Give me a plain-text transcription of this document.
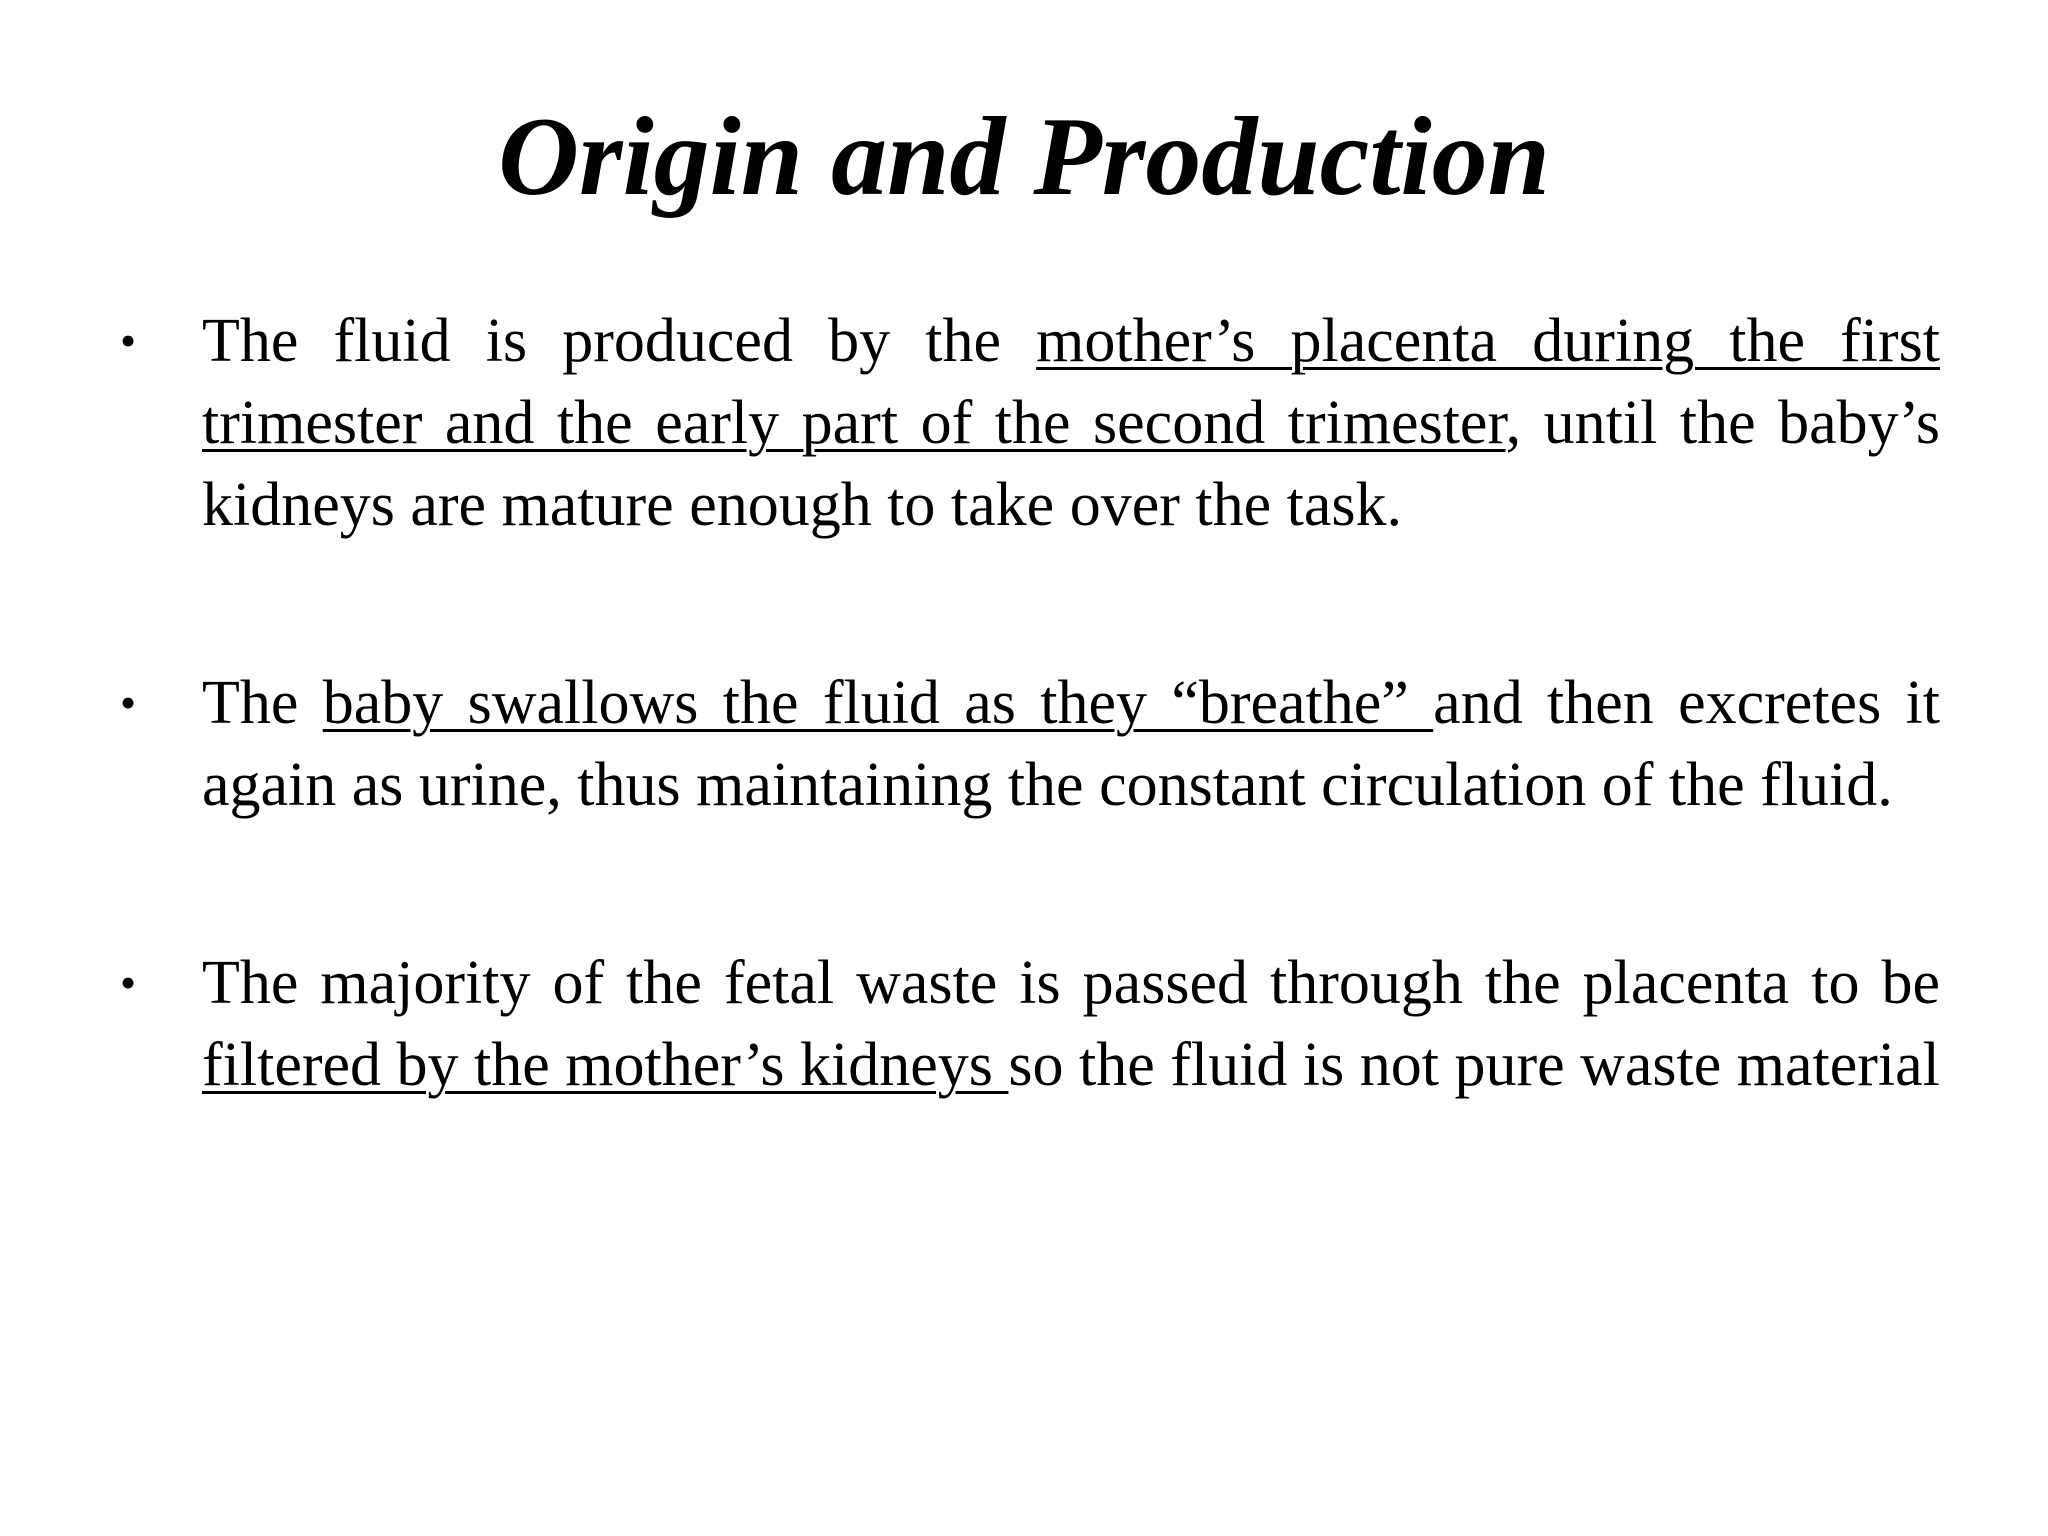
Origin and Production
•	The fluid is produced by the mother’s placenta during the first trimester and the early part of the second trimester, until the baby’s kidneys are mature enough to take over the task.
•	The baby swallows the fluid as they “breathe” and then excretes it again as urine, thus maintaining the constant circulation of the fluid.
•	The majority of the fetal waste is passed through the placenta to be filtered by the mother’s kidneys so the fluid is not pure waste material
